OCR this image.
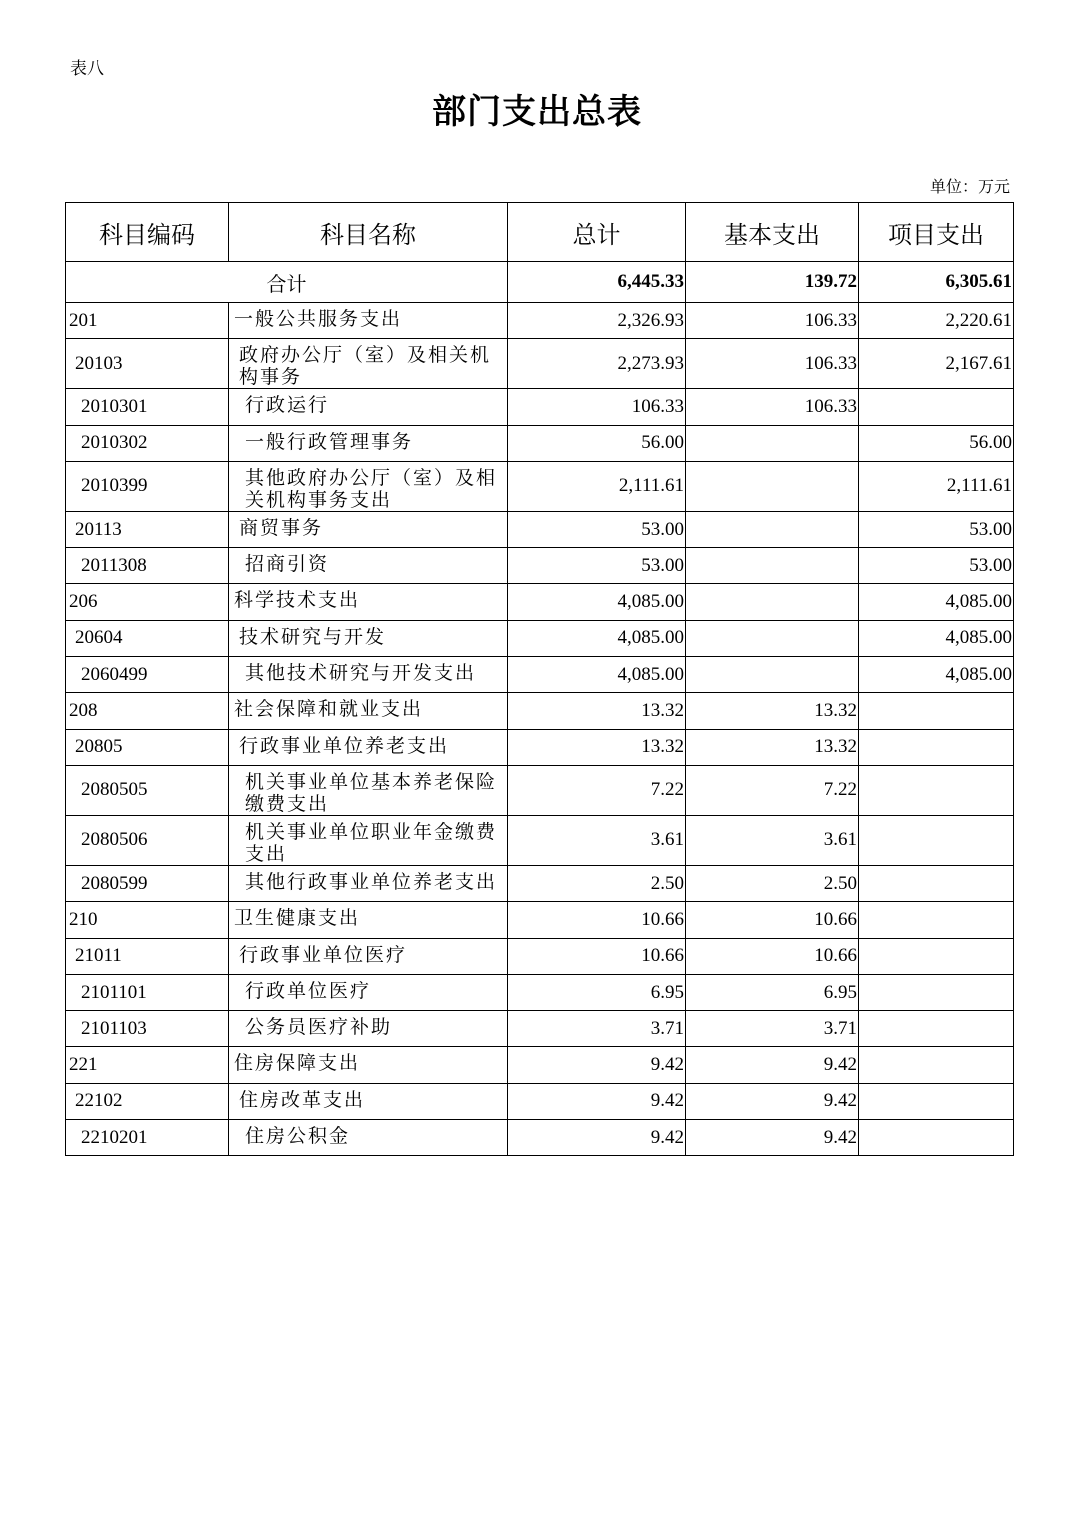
表八
部门支出总表
单位：万元
科目编码	科目名称	总计	基本支出	项目支出
合计		6,445.33	139.72	6,305.61
201	一般公共服务支出	2,326.93	106.33	2,220.61
20103	政府办公厅（室）及相关机构事务	2,273.93	106.33	2,167.61
2010301	行政运行	106.33	106.33	
2010302	一般行政管理事务	56.00		56.00
2010399	其他政府办公厅（室）及相关机构事务支出	2,111.61		2,111.61
20113	商贸事务	53.00		53.00
2011308	招商引资	53.00		53.00
206	科学技术支出	4,085.00		4,085.00
20604	技术研究与开发	4,085.00		4,085.00
2060499	其他技术研究与开发支出	4,085.00		4,085.00
208	社会保障和就业支出	13.32	13.32	
20805	行政事业单位养老支出	13.32	13.32	
2080505	机关事业单位基本养老保险缴费支出	7.22	7.22	
2080506	机关事业单位职业年金缴费支出	3.61	3.61	
2080599	其他行政事业单位养老支出	2.50	2.50	
210	卫生健康支出	10.66	10.66	
21011	行政事业单位医疗	10.66	10.66	
2101101	行政单位医疗	6.95	6.95	
2101103	公务员医疗补助	3.71	3.71	
221	住房保障支出	9.42	9.42	
22102	住房改革支出	9.42	9.42	
2210201	住房公积金	9.42	9.42	
